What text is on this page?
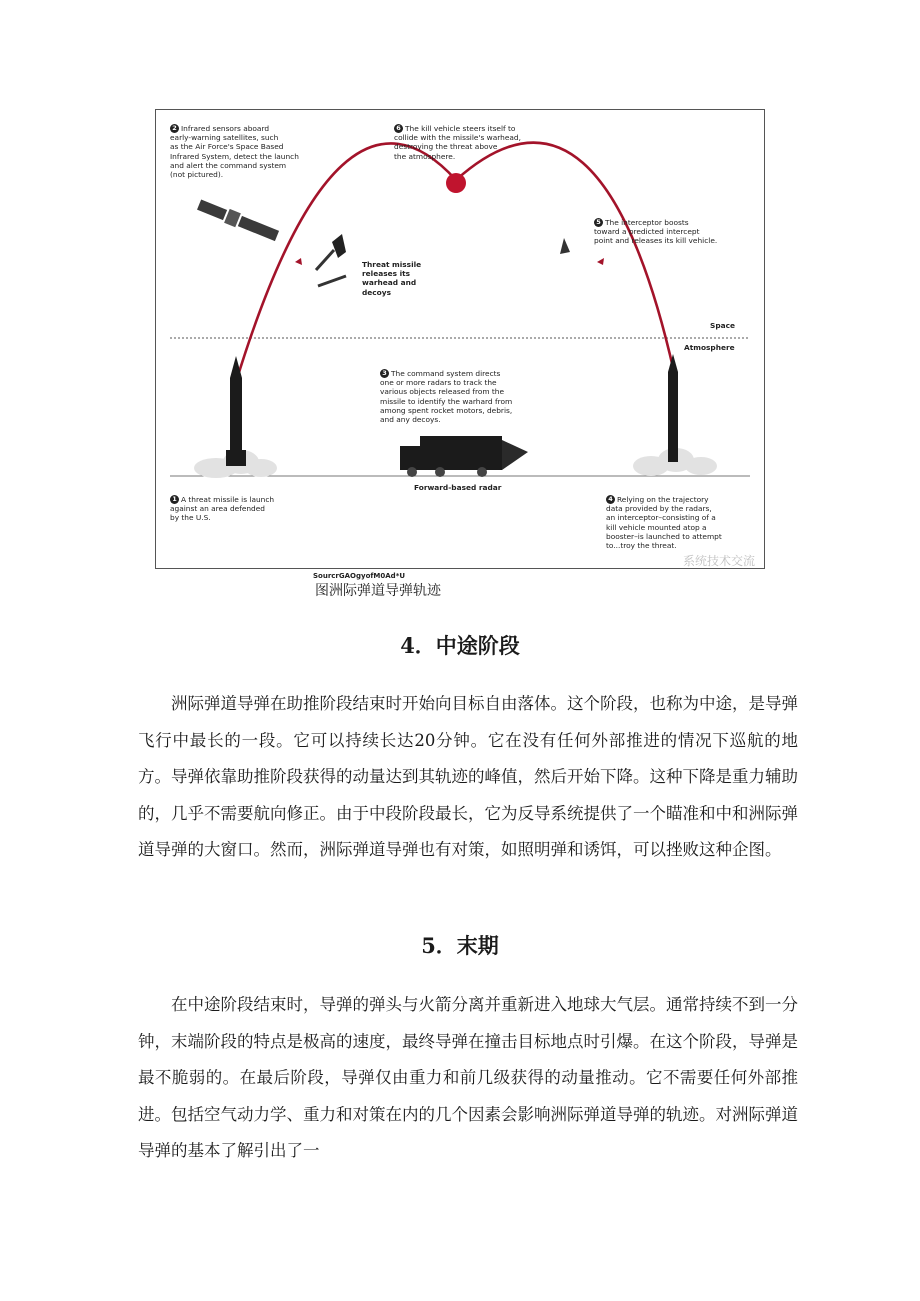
2 Infrared sensors aboard
early-warning satellites, such
as the Air Force's Space Based
Infrared System, detect the launch
and alert the command system
(not pictured).

6 The kill vehicle steers itself to
collide with the missile's warhead,
destroying the threat above
the atmosphere.

5 The interceptor boosts
toward a predicted intercept
point and releases its kill vehicle.

Threat missile
releases its
warhead and
decoys

Space

Atmosphere

3 The command system directs
one or more radars to track the
various objects released from the
missile to identify the warhard from
among spent rocket motors, debris,
and any decoys.

Forward-based radar

1 A threat missile is launch
against an area defended
by the U.S.

4 Relying on the trajectory
data provided by the radars,
an interceptor–consisting of a
kill vehicle mounted atop a
booster–is launched to attempt
to...troy the threat.

系统技术交流

SourcrGAOgyofM0Ad*U

图洲际弹道导弹轨迹

4．中途阶段

洲际弹道导弹在助推阶段结束时开始向目标自由落体。这个阶段，也称为中途，是导弹飞行中最长的一段。它可以持续长达20分钟。它在没有任何外部推进的情况下巡航的地方。导弹依靠助推阶段获得的动量达到其轨迹的峰值，然后开始下降。这种下降是重力辅助的，几乎不需要航向修正。由于中段阶段最长，它为反导系统提供了一个瞄准和中和洲际弹道导弹的大窗口。然而，洲际弹道导弹也有对策，如照明弹和诱饵，可以挫败这种企图。

5．末期

在中途阶段结束时，导弹的弹头与火箭分离并重新进入地球大气层。通常持续不到一分钟，末端阶段的特点是极高的速度，最终导弹在撞击目标地点时引爆。在这个阶段，导弹是最不脆弱的。在最后阶段，导弹仅由重力和前几级获得的动量推动。它不需要任何外部推进。包括空气动力学、重力和对策在内的几个因素会影响洲际弹道导弹的轨迹。对洲际弹道导弹的基本了解引出了一
